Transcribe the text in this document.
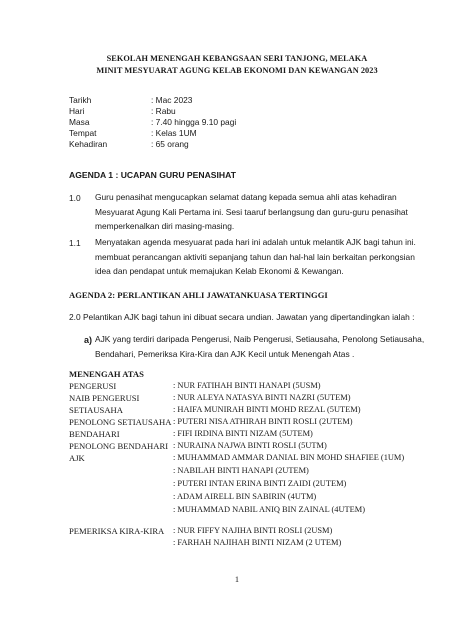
SEKOLAH MENENGAH KEBANGSAAN SERI TANJONG, MELAKA
MINIT MESYUARAT AGUNG KELAB EKONOMI DAN KEWANGAN 2023
Tarikh	: Mac 2023
Hari	: Rabu
Masa	: 7.40 hingga 9.10 pagi
Tempat	: Kelas 1UM
Kehadiran	: 65 orang
AGENDA 1 : UCAPAN GURU PENASIHAT
1.0 Guru penasihat mengucapkan selamat datang kepada semua ahli atas kehadiran Mesyuarat Agung Kali Pertama ini. Sesi taaruf berlangsung dan guru-guru penasihat memperkenalkan diri masing-masing.
1.1 Menyatakan agenda mesyuarat pada hari ini adalah untuk melantik AJK bagi tahun ini. membuat perancangan aktiviti sepanjang tahun dan hal-hal lain berkaitan perkongsian idea dan pendapat untuk memajukan Kelab Ekonomi & Kewangan.
AGENDA 2: PERLANTIKAN AHLI JAWATANKUASA TERTINGGI
2.0 Pelantikan AJK bagi tahun ini dibuat secara undian. Jawatan yang dipertandingkan ialah :
a) AJK yang terdiri daripada Pengerusi, Naib Pengerusi, Setiausaha, Penolong Setiausaha, Bendahari, Pemeriksa Kira-Kira dan AJK Kecil untuk Menengah Atas .
MENENGAH ATAS
PENGERUSI	: NUR FATIHAH BINTI HANAPI (5USM)
NAIB PENGERUSI	: NUR ALEYA NATASYA BINTI NAZRI (5UTEM)
SETIAUSAHA	: HAIFA MUNIRAH BINTI MOHD REZAL (5UTEM)
PENOLONG SETIAUSAHA : PUTERI NISA ATHIRAH BINTI ROSLI (2UTEM)
BENDAHARI	: FIFI IRDINA BINTI NIZAM (5UTEM)
PENOLONG BENDAHARI : NURAINA NAJWA BINTI ROSLI (5UTM)
AJK	: MUHAMMAD AMMAR DANIAL BIN MOHD SHAFIEE (1UM)
: NABILAH BINTI HANAPI (2UTEM)
: PUTERI INTAN ERINA BINTI ZAIDI (2UTEM)
: ADAM AIRELL BIN SABIRIN (4UTM)
: MUHAMMAD NABIL ANIQ BIN ZAINAL (4UTEM)
PEMERIKSA KIRA-KIRA : NUR FIFFY NAJIHA BINTI ROSLI (2USM)
: FARHAH NAJIHAH BINTI NIZAM (2 UTEM)
1
